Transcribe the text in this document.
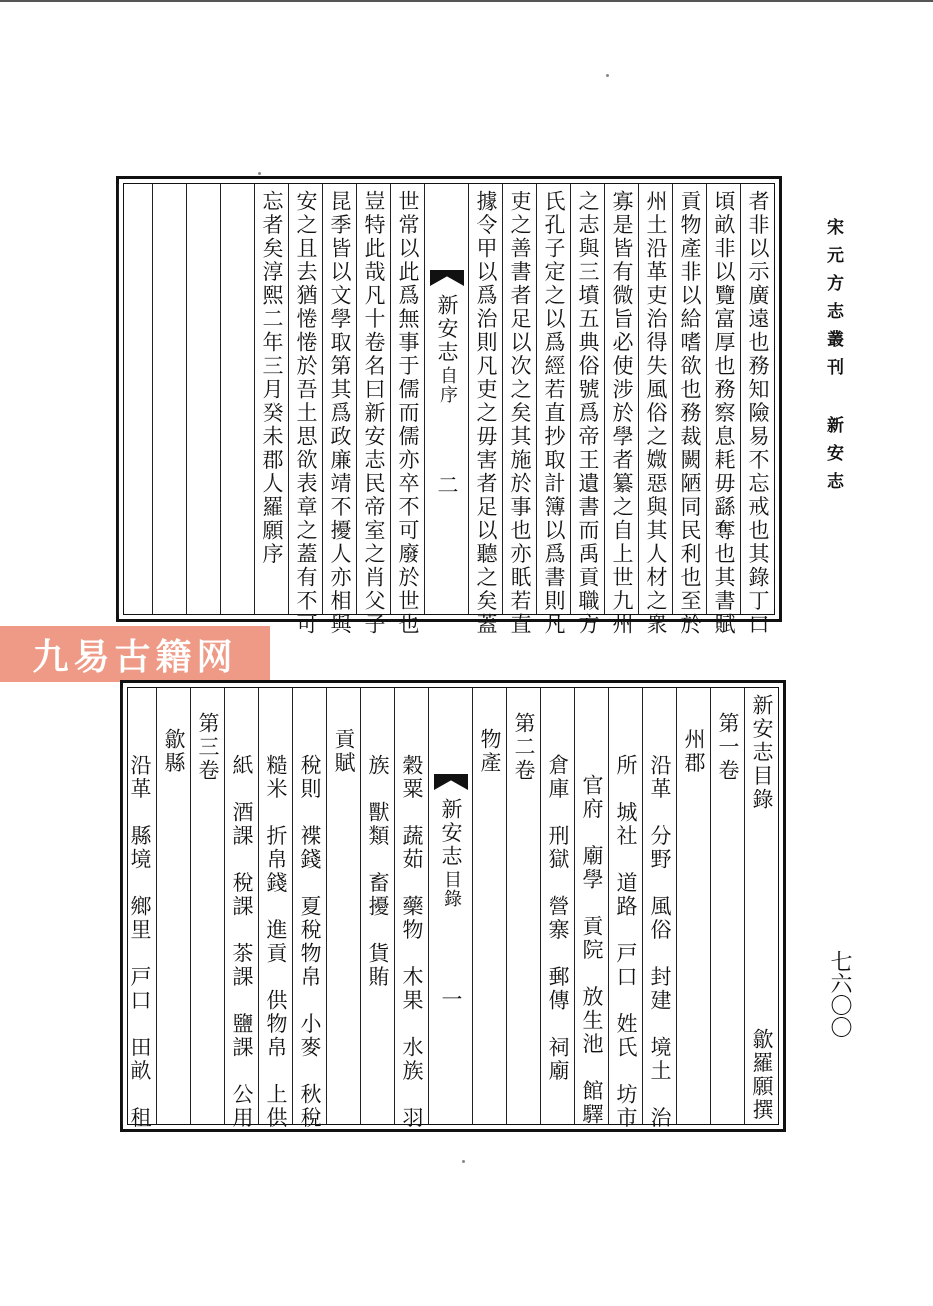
宋元方志叢刊新安志
七六〇〇
者非以示廣遠也務知險易不忘戒也其錄丁口
頃畝非以覽富厚也務察息耗毋繇奪也其書賦
貢物產非以給嗜欲也務裁闕陋同民利也至於
州土沿革吏治得失風俗之媺惡與其人材之衆
寡是皆有微旨必使涉於學者纂之自上世九州
之志與三墳五典俗號爲帝王遺書而禹貢職方
氏孔子定之以爲經若直抄取計簿以爲書則凡
吏之善書者足以次之矣其施於事也亦眂若直
據令甲以爲治則凡吏之毋害者足以聽之矣蓋
新安志
自序
二
世常以此爲無事于儒而儒亦卒不可廢於世也
豈特此哉凡十卷名曰新安志民帝室之肖父子
昆季皆以文學取第其爲政廉靖不擾人亦相與
安之且去猶惓惓於吾土思欲表章之蓋有不可
忘者矣淳熙二年三月癸未郡人羅願序
九易古籍网
新安志目錄
歙羅願撰
第一卷
州郡
沿革　分野　風俗　封建　境土　治
所　城社　道路　戸口　姓氏　坊市
官府　廟學　貢院　放生池　館驛
倉庫　刑獄　營寨　郵傳　祠廟
第二卷
物產
新安志
目錄
一
穀粟　蔬茹　藥物　木果　水族　羽
族　獸類　畜擾　貨賄
貢賦
稅則　褋錢　夏稅物帛　小麥　秋稅
糙米　折帛錢　進貢　供物帛　上供
紙　酒課　稅課　茶課　鹽課　公用
第三卷
歙縣
沿革　縣境　鄉里　戸口　田畝　租
